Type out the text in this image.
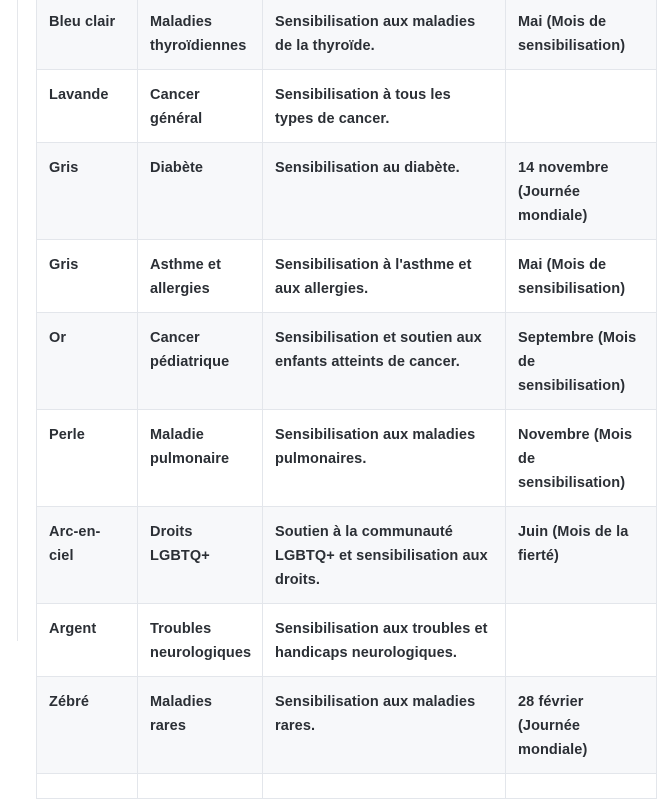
Bleu clair	Maladies thyroïdiennes	Sensibilisation aux maladies de la thyroïde.	Mai (Mois de sensibilisation)
Lavande	Cancer général	Sensibilisation à tous les types de cancer.	
Gris	Diabète	Sensibilisation au diabète.	14 novembre (Journée mondiale)
Gris	Asthme et allergies	Sensibilisation à l'asthme et aux allergies.	Mai (Mois de sensibilisation)
Or	Cancer pédiatrique	Sensibilisation et soutien aux enfants atteints de cancer.	Septembre (Mois de sensibilisation)
Perle	Maladie pulmonaire	Sensibilisation aux maladies pulmonaires.	Novembre (Mois de sensibilisation)
Arc-en-ciel	Droits LGBTQ+	Soutien à la communauté LGBTQ+ et sensibilisation aux droits.	Juin (Mois de la fierté)
Argent	Troubles neurologiques	Sensibilisation aux troubles et handicaps neurologiques.	
Zébré	Maladies rares	Sensibilisation aux maladies rares.	28 février (Journée mondiale)
